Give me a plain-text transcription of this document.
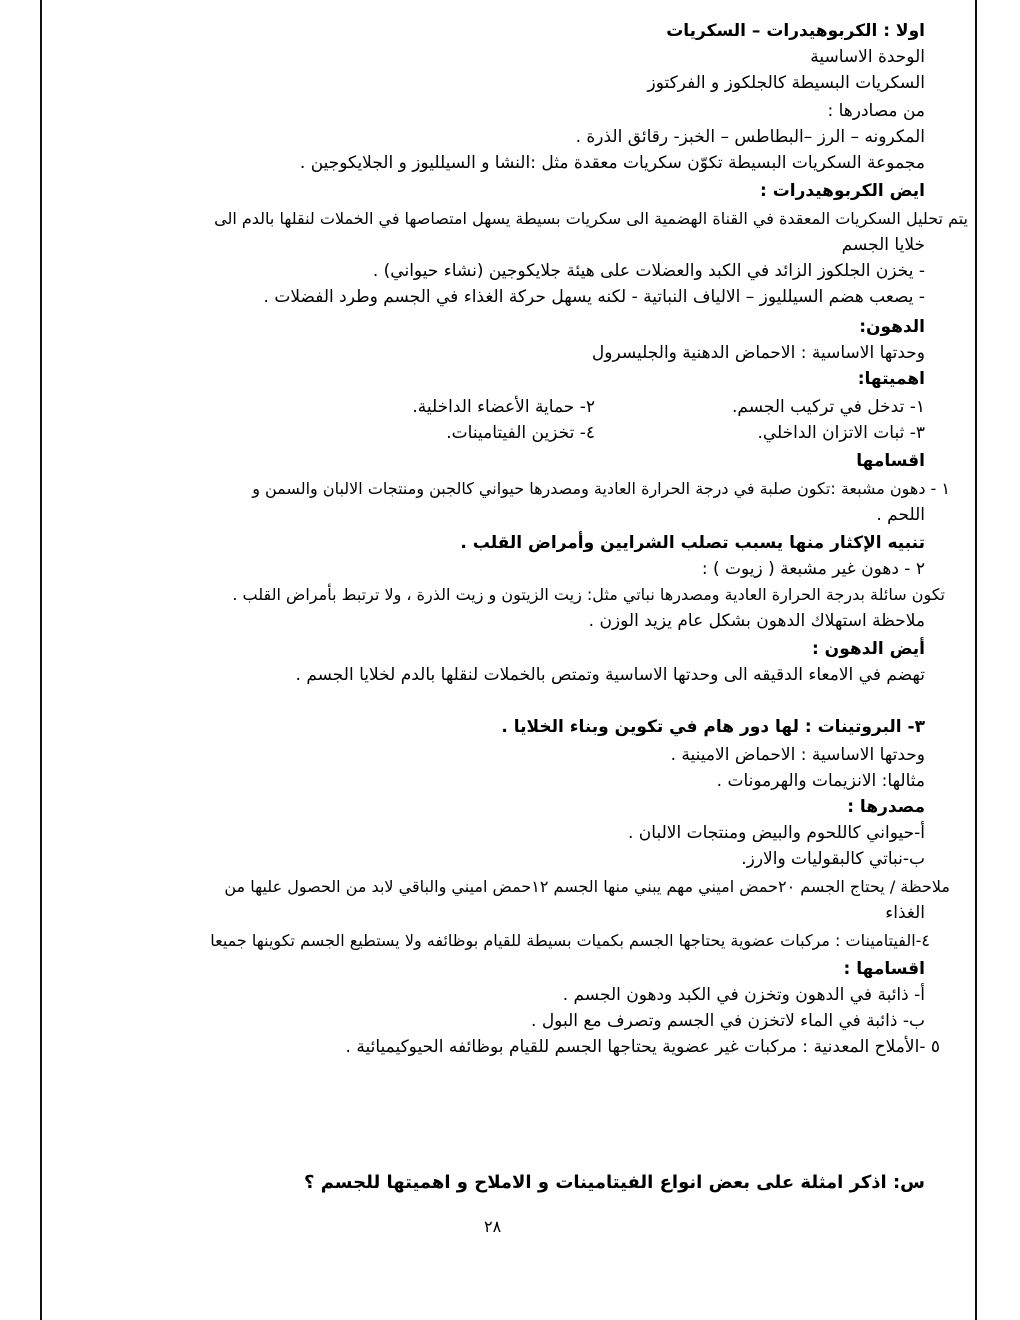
اولا : الكربوهيدرات – السكريات
الوحدة الاساسية
السكريات البسيطة كالجلكوز و الفركتوز
من مصادرها :
المكرونه – الرز –البطاطس – الخبز- رقائق الذرة .
مجموعة السكريات البسيطة تكوّن سكريات معقدة مثل :النشا و السيلليوز و الجلايكوجين .
ايض الكربوهيدرات :
يتم تحليل السكريات المعقدة في القناة الهضمية الى سكريات بسيطة يسهل امتصاصها في الخملات لنقلها بالدم الى
خلايا الجسم
- يخزن الجلكوز الزائد في الكبد والعضلات على هيئة جلايكوجين (نشاء حيواني) .
- يصعب هضم السيلليوز – الالياف النباتية - لكنه يسهل حركة الغذاء في الجسم وطرد الفضلات .
الدهون:
وحدتها الاساسية : الاحماض الدهنية والجليسرول
اهميتها:
١- تدخل في تركيب الجسم.
٢- حماية الأعضاء الداخلية.
٣- ثبات الاتزان الداخلي.
٤- تخزين الفيتامينات.
اقسامها
١ - دهون مشبعة :تكون صلبة في درجة الحرارة العادية ومصدرها حيواني كالجبن ومنتجات الالبان والسمن و
اللحم .
تنبيه الإكثار منها يسبب تصلب الشرايين وأمراض القلب .
٢ - دهون غير مشبعة ( زيوت ) :
تكون سائلة بدرجة الحرارة العادية ومصدرها نباتي مثل: زيت الزيتون و زيت الذرة ، ولا ترتبط بأمراض القلب .
ملاحظة استهلاك الدهون بشكل عام يزيد الوزن .
أيض الدهون :
تهضم في الامعاء الدقيقه الى وحدتها الاساسية وتمتص بالخملات لنقلها بالدم لخلايا الجسم .
٣- البروتينات : لها دور هام في تكوين وبناء الخلايا .
وحدتها الاساسية : الاحماض الامينية .
مثالها: الانزيمات والهرمونات .
مصدرها :
أ-حيواني كاللحوم والبيض ومنتجات الالبان .
ب-نباتي كالبقوليات والارز.
ملاحظة / يحتاج الجسم ٢٠حمض اميني مهم يبني منها الجسم ١٢حمض اميني والباقي لابد من الحصول عليها من
الغذاء
٤-الفيتامينات : مركبات عضوية يحتاجها الجسم بكميات بسيطة للقيام بوظائفه ولا يستطيع الجسم تكوينها جميعا
اقسامها :
أ- ذائبة في الدهون وتخزن في الكبد ودهون الجسم .
ب- ذائبة في الماء لاتخزن في الجسم وتصرف مع البول .
٥ -الأملاح المعدنية : مركبات غير عضوية يحتاجها الجسم للقيام بوظائفه الحيوكيميائية .
س: اذكر امثلة على بعض انواع الفيتامينات و الاملاح و اهميتها للجسم ؟
٢٨
